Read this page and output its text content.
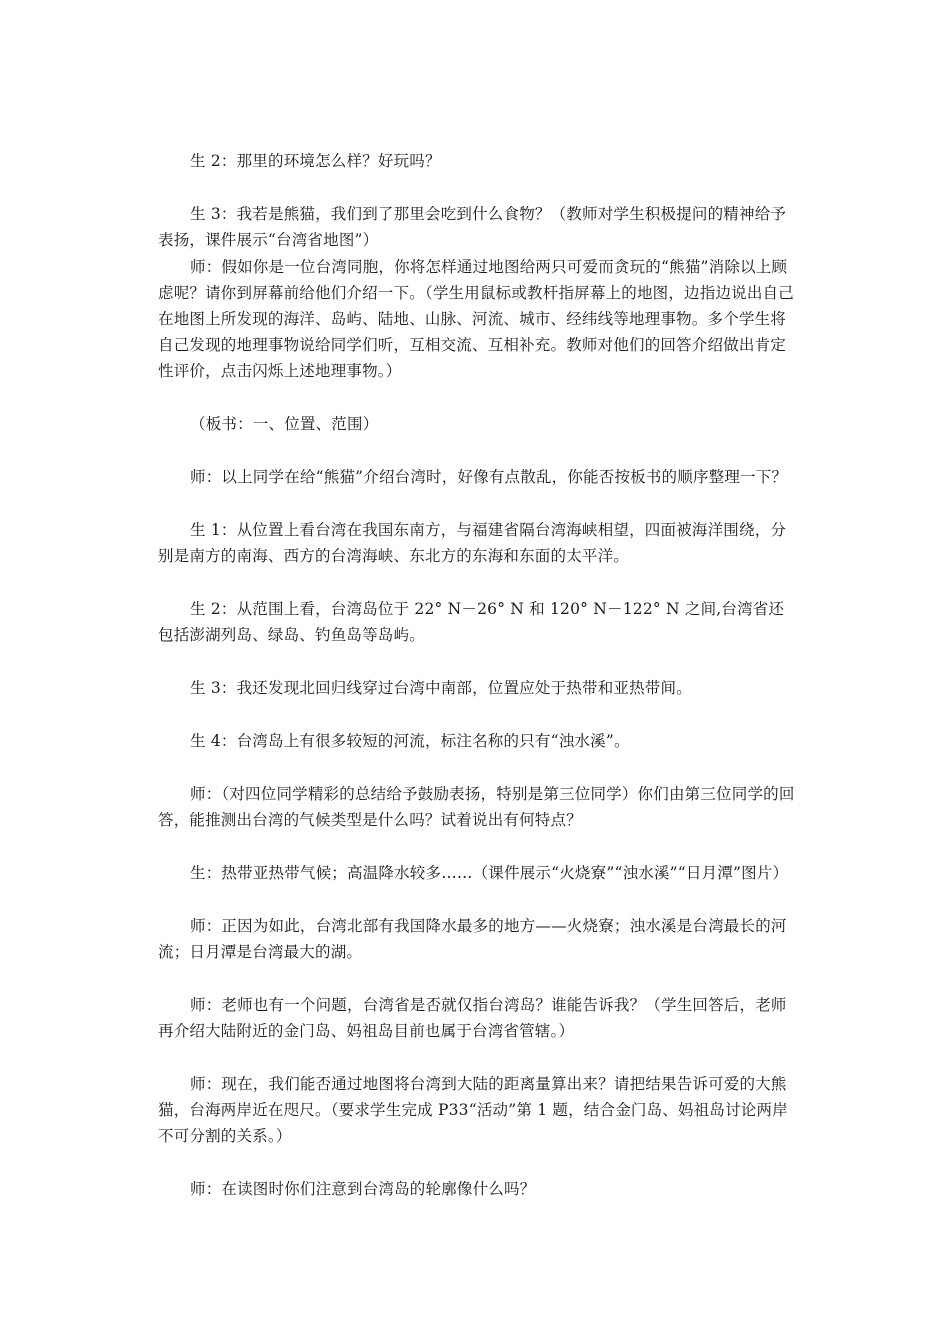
生 2：那里的环境怎么样？好玩吗？

生 3：我若是熊猫，我们到了那里会吃到什么食物？（教师对学生积极提问的精神给予表扬，课件展示“台湾省地图”）

师：假如你是一位台湾同胞，你将怎样通过地图给两只可爱而贪玩的“熊猫”消除以上顾虑呢？请你到屏幕前给他们介绍一下。（学生用鼠标或教杆指屏幕上的地图，边指边说出自己在地图上所发现的海洋、岛屿、陆地、山脉、河流、城市、经纬线等地理事物。多个学生将自己发现的地理事物说给同学们听，互相交流、互相补充。教师对他们的回答介绍做出肯定性评价，点击闪烁上述地理事物。）

（板书：一、位置、范围）

师：以上同学在给“熊猫”介绍台湾时，好像有点散乱，你能否按板书的顺序整理一下？

生 1：从位置上看台湾在我国东南方，与福建省隔台湾海峡相望，四面被海洋围绕，分别是南方的南海、西方的台湾海峡、东北方的东海和东面的太平洋。

生 2：从范围上看，台湾岛位于 22° N－26° N 和 120° N－122° N 之间,台湾省还包括澎湖列岛、绿岛、钓鱼岛等岛屿。

生 3：我还发现北回归线穿过台湾中南部，位置应处于热带和亚热带间。

生 4：台湾岛上有很多较短的河流，标注名称的只有“浊水溪”。

师：（对四位同学精彩的总结给予鼓励表扬，特别是第三位同学）你们由第三位同学的回答，能推测出台湾的气候类型是什么吗？试着说出有何特点？

生：热带亚热带气候；高温降水较多……（课件展示“火烧寮”“浊水溪”“日月潭”图片）

师：正因为如此，台湾北部有我国降水最多的地方——火烧寮；浊水溪是台湾最长的河流；日月潭是台湾最大的湖。

师：老师也有一个问题，台湾省是否就仅指台湾岛？谁能告诉我？（学生回答后，老师再介绍大陆附近的金门岛、妈祖岛目前也属于台湾省管辖。）

师：现在，我们能否通过地图将台湾到大陆的距离量算出来？请把结果告诉可爱的大熊猫，台海两岸近在咫尺。（要求学生完成 P33“活动”第 1 题，结合金门岛、妈祖岛讨论两岸不可分割的关系。）

师：在读图时你们注意到台湾岛的轮廓像什么吗？
